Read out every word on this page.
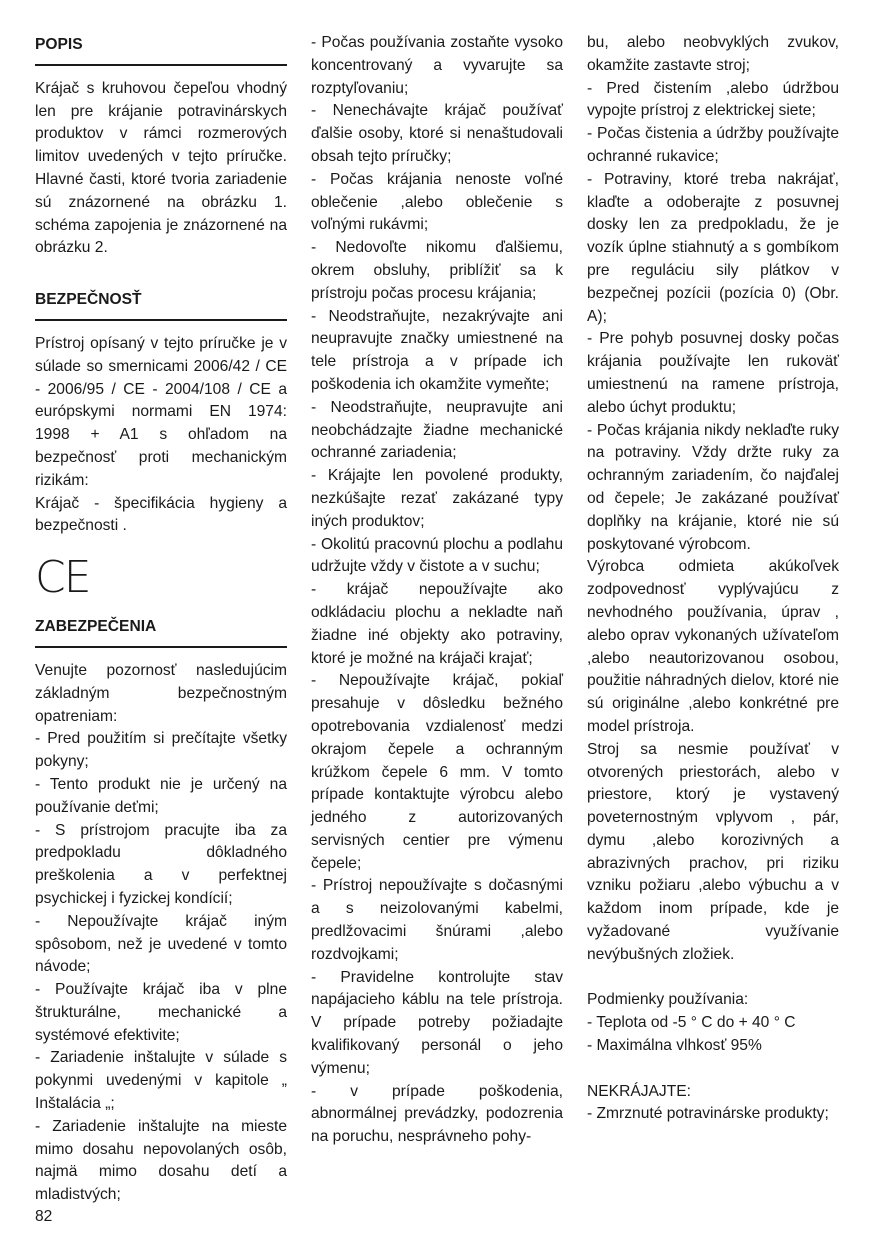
POPIS

Krájač s kruhovou čepeľou vhodný len pre krájanie potravinárskych produktov v rámci rozmerových limitov uvedených v tejto príručke. Hlavné časti, ktoré tvoria zariadenie sú znázornené na obrázku 1. schéma zapojenia je znázornené na obrázku 2.

BEZPEČNOSŤ

Prístroj opísaný v tejto príručke je v súlade so smernicami 2006/42 / CE - 2006/95 / CE - 2004/108 / CE a európskymi normami EN 1974: 1998 + A1 s ohľadom na bezpečnosť proti mechanickým rizikám:

Krájač - špecifikácia hygieny a bezpečnosti .

CE
ZABEZPEČENIA

Venujte pozornosť nasledujúcim základným bezpečnostným opatreniam:

- Pred použitím si prečítajte všetky pokyny;

- Tento produkt nie je určený na používanie deťmi;

- S prístrojom pracujte iba za predpokladu dôkladného preškolenia a v perfektnej psychickej i fyzickej kondícií;

- Nepoužívajte krájač iným spôsobom, než je uvedené v tomto návode;

- Používajte krájač iba v plne štrukturálne, mechanické a systémové efektivite;

- Zariadenie inštalujte v súlade s pokynmi uvedenými v kapitole „ Inštalácia „;

- Zariadenie inštalujte na mieste mimo dosahu nepovolaných osôb, najmä mimo dosahu detí a mladistvých;

- Počas používania zostaňte vysoko koncentrovaný a vyvarujte sa rozptyľovaniu;

- Nenechávajte krájač používať ďalšie osoby, ktoré si nenaštudovali obsah tejto príručky;

- Počas krájania nenoste voľné oblečenie ,alebo oblečenie s voľnými rukávmi;

- Nedovoľte nikomu ďalšiemu, okrem obsluhy, priblížiť sa k prístroju počas procesu krájania;

- Neodstraňujte, nezakrývajte ani neupravujte značky umiestnené na tele prístroja a v prípade ich poškodenia ich okamžite vymeňte;

- Neodstraňujte, neupravujte ani neobchádzajte žiadne mechanické ochranné zariadenia;

- Krájajte len povolené produkty, nezkúšajte rezať zakázané typy iných produktov;

- Okolitú pracovnú plochu a podlahu udržujte vždy v čistote a v suchu;

- krájač nepoužívajte ako odkládaciu plochu a nekladte naň žiadne iné objekty ako potraviny, ktoré je možné na krájači krajať;

- Nepoužívajte krájač, pokiaľ presahuje v dôsledku bežného opotrebovania vzdialenosť medzi okrajom čepele a ochranným krúžkom čepele 6 mm. V tomto prípade kontaktujte výrobcu alebo jedného z autorizovaných servisných centier pre výmenu čepele;

- Prístroj nepoužívajte s dočasnými a s neizolovanými kabelmi, predlžovacimi šnúrami ,alebo rozdvojkami;

- Pravidelne kontrolujte stav napájacieho káblu na tele prístroja. V prípade potreby požiadajte kvalifikovaný personál o jeho výmenu;

- v prípade poškodenia, abnormálnej prevádzky, podozrenia na poruchu, nesprávneho pohy-

bu, alebo neobvyklých zvukov, okamžite zastavte stroj;

- Pred čistením ,alebo údržbou vypojte prístroj z elektrickej siete;

- Počas čistenia a údržby používajte ochranné rukavice;

- Potraviny, ktoré treba nakrájať, klaďte a odoberajte z posuvnej dosky len za predpokladu, že je vozík úplne stiahnutý a s gombíkom pre reguláciu sily plátkov v bezpečnej pozícii (pozícia 0) (Obr. A);

- Pre pohyb posuvnej dosky počas krájania používajte len rukoväť umiestnenú na ramene prístroja, alebo úchyt produktu;

- Počas krájania nikdy neklaďte ruky na potraviny. Vždy držte ruky za ochranným zariadením, čo najďalej od čepele; Je zakázané používať doplňky na krájanie, ktoré nie sú poskytované výrobcom.

Výrobca odmieta akúkoľvek zodpovednosť vyplývajúcu z nevhodného používania, úprav , alebo oprav vykonaných užívateľom ,alebo neautorizovanou osobou, použitie náhradných dielov, ktoré nie sú originálne ,alebo konkrétné pre model prístroja.

Stroj sa nesmie používať v otvorených priestorách, alebo v priestore, ktorý je vystavený poveternostným vplyvom , pár, dymu ,alebo korozivných a abrazivných prachov, pri riziku vzniku požiaru ,alebo výbuchu a v každom inom prípade, kde je vyžadované využívanie nevýbušných zložiek.

Podmienky používania:

- Teplota od -5 ° C do + 40 ° C

- Maximálna vlhkosť 95%

NEKRÁJAJTE:

- Zmrznuté potravinárske produkty;

82
